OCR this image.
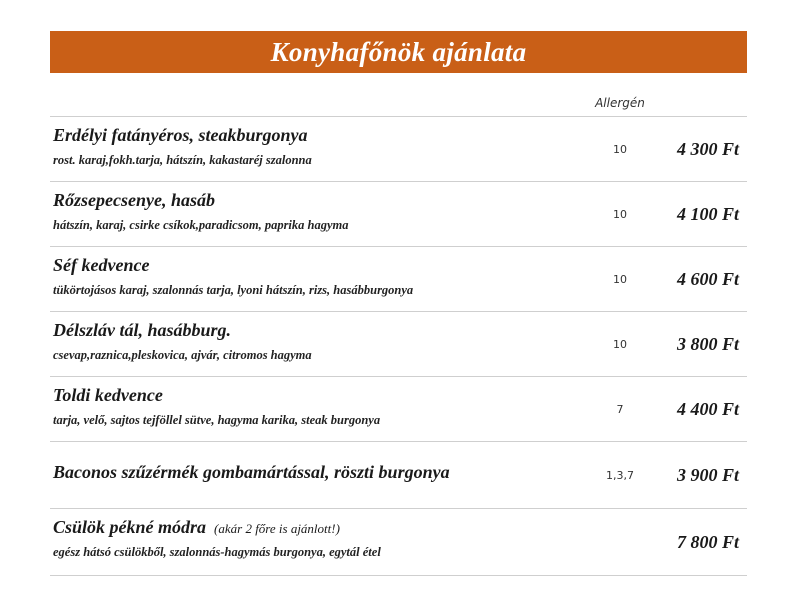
Konyhafőnök ajánlata
Allergén
Erdélyi fatányéros, steakburgonya
rost. karaj,fokh.tarja, hátszín, kakastaréj szalonna
10	4 300 Ft
Rőzsepecsenye, hasáb
hátszín, karaj, csirke csíkok,paradicsom, paprika hagyma
10	4 100 Ft
Séf kedvence
tükörtojásos karaj, szalonnás tarja, lyoni hátszín, rizs, hasábburgonya
10	4 600 Ft
Délszláv tál, hasábburg.
csevap,raznica,pleskovica, ajvár, citromos hagyma
10	3 800 Ft
Toldi kedvence
tarja, velő, sajtos tejföllel sütve, hagyma karika, steak burgonya
7	4 400 Ft
Baconos szűzérmék gombamártással, röszti burgonya	1,3,7	3 900 Ft
Csülök pékné módra (akár 2 főre is ajánlott!)
egész hátsó csülökből, szalonnás-hagymás burgonya, egytál étel
7 800 Ft
